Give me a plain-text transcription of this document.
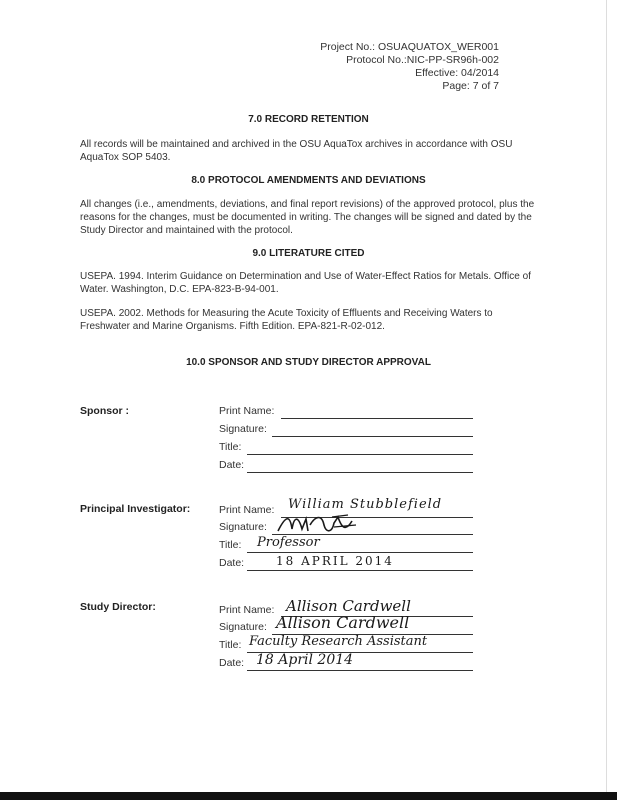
Project No.: OSUAQUATOX_WER001
Protocol No.:NIC-PP-SR96h-002
Effective: 04/2014
Page: 7 of 7
7.0 RECORD RETENTION
All records will be maintained and archived in the OSU AquaTox archives in accordance with OSU AquaTox SOP 5403.
8.0 PROTOCOL AMENDMENTS AND DEVIATIONS
All changes (i.e., amendments, deviations, and final report revisions) of the approved protocol, plus the reasons for the changes, must be documented in writing. The changes will be signed and dated by the Study Director and maintained with the protocol.
9.0 LITERATURE CITED
USEPA. 1994. Interim Guidance on Determination and Use of Water-Effect Ratios for Metals. Office of Water. Washington, D.C. EPA-823-B-94-001.
USEPA. 2002. Methods for Measuring the Acute Toxicity of Effluents and Receiving Waters to Freshwater and Marine Organisms. Fifth Edition. EPA-821-R-02-012.
10.0 SPONSOR AND STUDY DIRECTOR APPROVAL
Sponsor :	Print Name:
Signature:
Title:
Date:
Principal Investigator:	Print Name: William Stubblefield
Signature:
Title: Professor
Date:	18 APRIL 2014
Study Director:	Print Name: Allison Cardwell
Signature: Allison Cardwell
Title: Faculty Research Assistant
Date: 18 April 2014
